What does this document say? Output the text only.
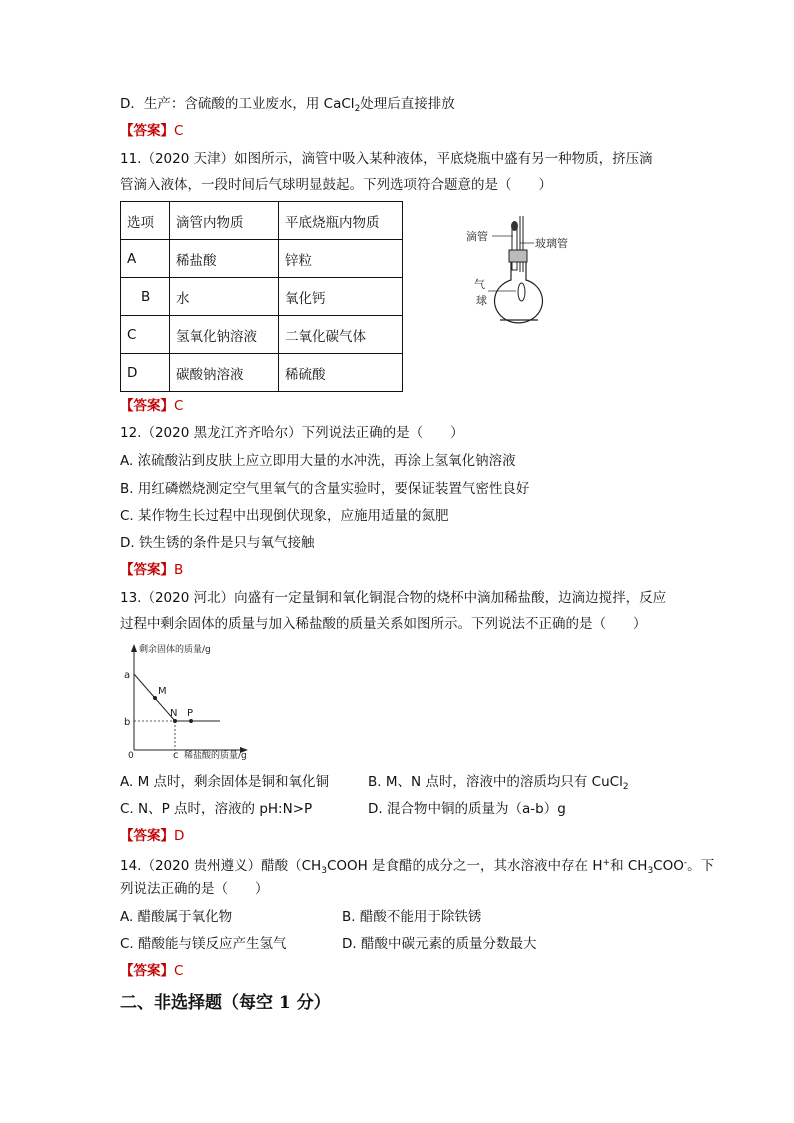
D．生产：含硫酸的工业废水，用 CaCl$_2$处理后直接排放
【答案】C
11.（2020 天津）如图所示，滴管中吸入某种液体，平底烧瓶中盛有另一种物质，挤压滴
管滴入液体，一段时间后气球明显鼓起。下列选项符合题意的是（　　）
选项	滴管内物质	平底烧瓶内物质
A	稀盐酸	锌粒
B	水	氧化钙
C	氢氧化钠溶液	二氧化碳气体
D	碳酸钠溶液	稀硫酸
滴管
玻璃管
气
球
【答案】C
12.（2020 黑龙江齐齐哈尔）下列说法正确的是（　　）
A. 浓硫酸沾到皮肤上应立即用大量的水冲洗，再涂上氢氧化钠溶液
B. 用红磷燃烧测定空气里氧气的含量实验时，要保证装置气密性良好
C. 某作物生长过程中出现倒伏现象，应施用适量的氮肥
D. 铁生锈的条件是只与氧气接触
【答案】B
13.（2020 河北）向盛有一定量铜和氧化铜混合物的烧杯中滴加稀盐酸，边滴边搅拌，反应
过程中剩余固体的质量与加入稀盐酸的质量关系如图所示。下列说法不正确的是（　　）
剩余固体的质量/g
稀盐酸的质量/g
0
a
b
c
M
N P
A. M 点时，剩余固体是铜和氧化铜	B. M、N 点时，溶液中的溶质均只有 CuCl$_2$
C. N、P 点时，溶液的 pH:N>P	D. 混合物中铜的质量为（a-b）g
【答案】D
14.（2020 贵州遵义）醋酸（$CH_3COOH$ 是食醋的成分之一，其水溶液中存在 H+和 $CH_3COO^-$。下
列说法正确的是（　　）
A. 醋酸属于氧化物	B. 醋酸不能用于除铁锈
C. 醋酸能与镁反应产生氢气	D. 醋酸中碳元素的质量分数最大
【答案】C
二、非选择题（每空 1 分）
